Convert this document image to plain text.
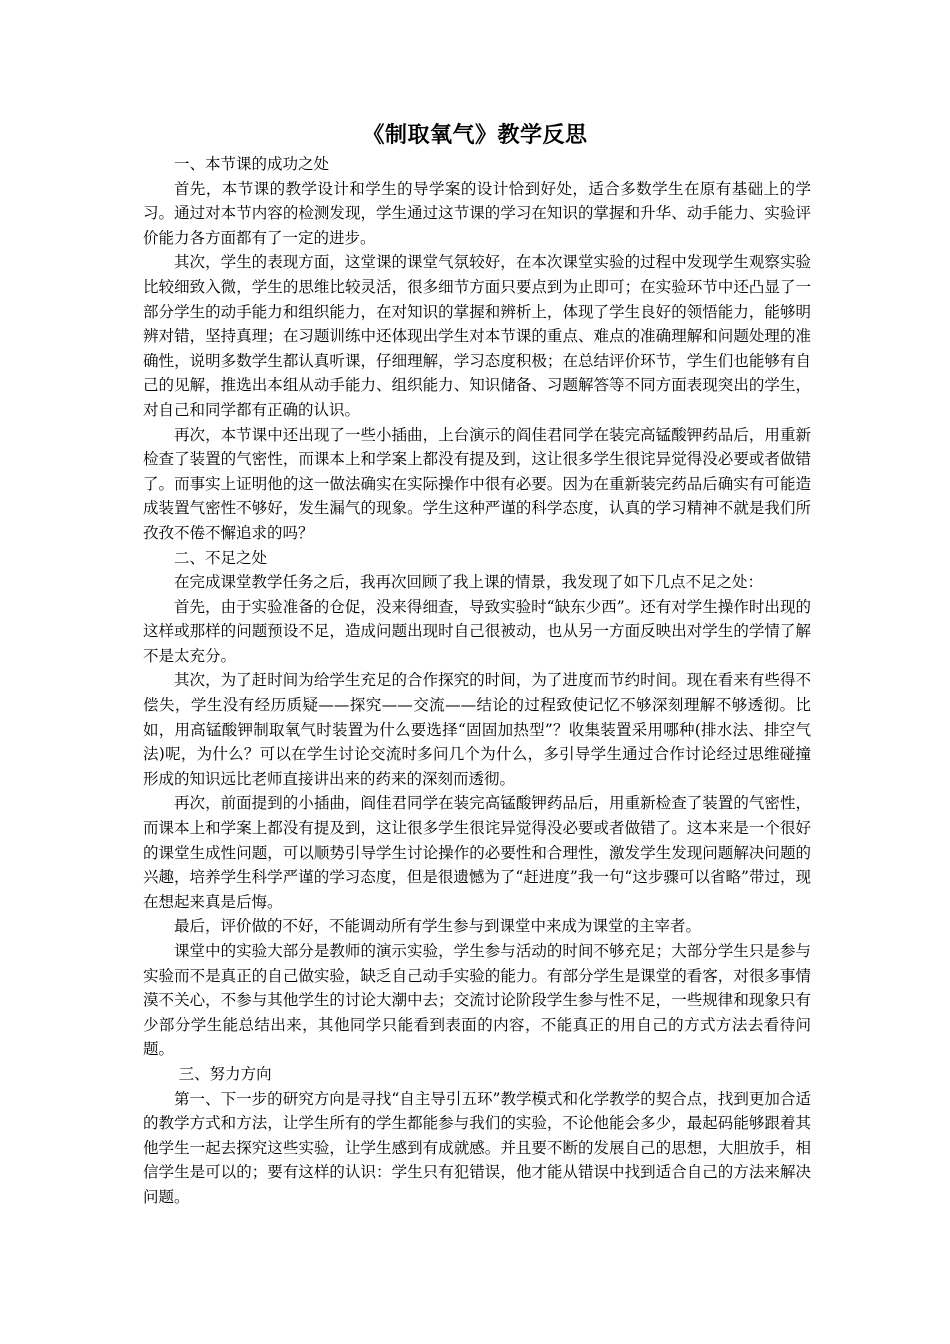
《制取氧气》教学反思

一、本节课的成功之处

首先，本节课的教学设计和学生的导学案的设计恰到好处，适合多数学生在原有基础上的学习。通过对本节内容的检测发现，学生通过这节课的学习在知识的掌握和升华、动手能力、实验评价能力各方面都有了一定的进步。

其次，学生的表现方面，这堂课的课堂气氛较好，在本次课堂实验的过程中发现学生观察实验比较细致入微，学生的思维比较灵活，很多细节方面只要点到为止即可；在实验环节中还凸显了一部分学生的动手能力和组织能力，在对知识的掌握和辨析上，体现了学生良好的领悟能力，能够明辨对错，坚持真理；在习题训练中还体现出学生对本节课的重点、难点的准确理解和问题处理的准确性，说明多数学生都认真听课，仔细理解，学习态度积极；在总结评价环节，学生们也能够有自己的见解，推选出本组从动手能力、组织能力、知识储备、习题解答等不同方面表现突出的学生，对自己和同学都有正确的认识。

再次，本节课中还出现了一些小插曲，上台演示的阎佳君同学在装完高锰酸钾药品后，用重新检查了装置的气密性，而课本上和学案上都没有提及到，这让很多学生很诧异觉得没必要或者做错了。而事实上证明他的这一做法确实在实际操作中很有必要。因为在重新装完药品后确实有可能造成装置气密性不够好，发生漏气的现象。学生这种严谨的科学态度，认真的学习精神不就是我们所孜孜不倦不懈追求的吗？

二、不足之处

在完成课堂教学任务之后，我再次回顾了我上课的情景，我发现了如下几点不足之处：

首先，由于实验准备的仓促，没来得细查，导致实验时“缺东少西”。还有对学生操作时出现的这样或那样的问题预设不足，造成问题出现时自己很被动，也从另一方面反映出对学生的学情了解不是太充分。

其次，为了赶时间为给学生充足的合作探究的时间，为了进度而节约时间。现在看来有些得不偿失，学生没有经历质疑——探究——交流——结论的过程致使记忆不够深刻理解不够透彻。比如，用高锰酸钾制取氧气时装置为什么要选择“固固加热型”？收集装置采用哪种(排水法、排空气法)呢，为什么？可以在学生讨论交流时多问几个为什么，多引导学生通过合作讨论经过思维碰撞形成的知识远比老师直接讲出来的药来的深刻而透彻。

再次，前面提到的小插曲，阎佳君同学在装完高锰酸钾药品后，用重新检查了装置的气密性，而课本上和学案上都没有提及到，这让很多学生很诧异觉得没必要或者做错了。这本来是一个很好的课堂生成性问题，可以顺势引导学生讨论操作的必要性和合理性，激发学生发现问题解决问题的兴趣，培养学生科学严谨的学习态度，但是很遗憾为了“赶进度”我一句“这步骤可以省略”带过，现在想起来真是后悔。

最后，评价做的不好，不能调动所有学生参与到课堂中来成为课堂的主宰者。

课堂中的实验大部分是教师的演示实验，学生参与活动的时间不够充足；大部分学生只是参与实验而不是真正的自己做实验，缺乏自己动手实验的能力。有部分学生是课堂的看客，对很多事情漠不关心，不参与其他学生的讨论大潮中去；交流讨论阶段学生参与性不足，一些规律和现象只有少部分学生能总结出来，其他同学只能看到表面的内容，不能真正的用自己的方式方法去看待问题。

三、努力方向

第一、下一步的研究方向是寻找“自主导引五环”教学模式和化学教学的契合点，找到更加合适的教学方式和方法，让学生所有的学生都能参与我们的实验，不论他能会多少，最起码能够跟着其他学生一起去探究这些实验，让学生感到有成就感。并且要不断的发展自己的思想，大胆放手，相信学生是可以的；要有这样的认识：学生只有犯错误，他才能从错误中找到适合自己的方法来解决问题。
